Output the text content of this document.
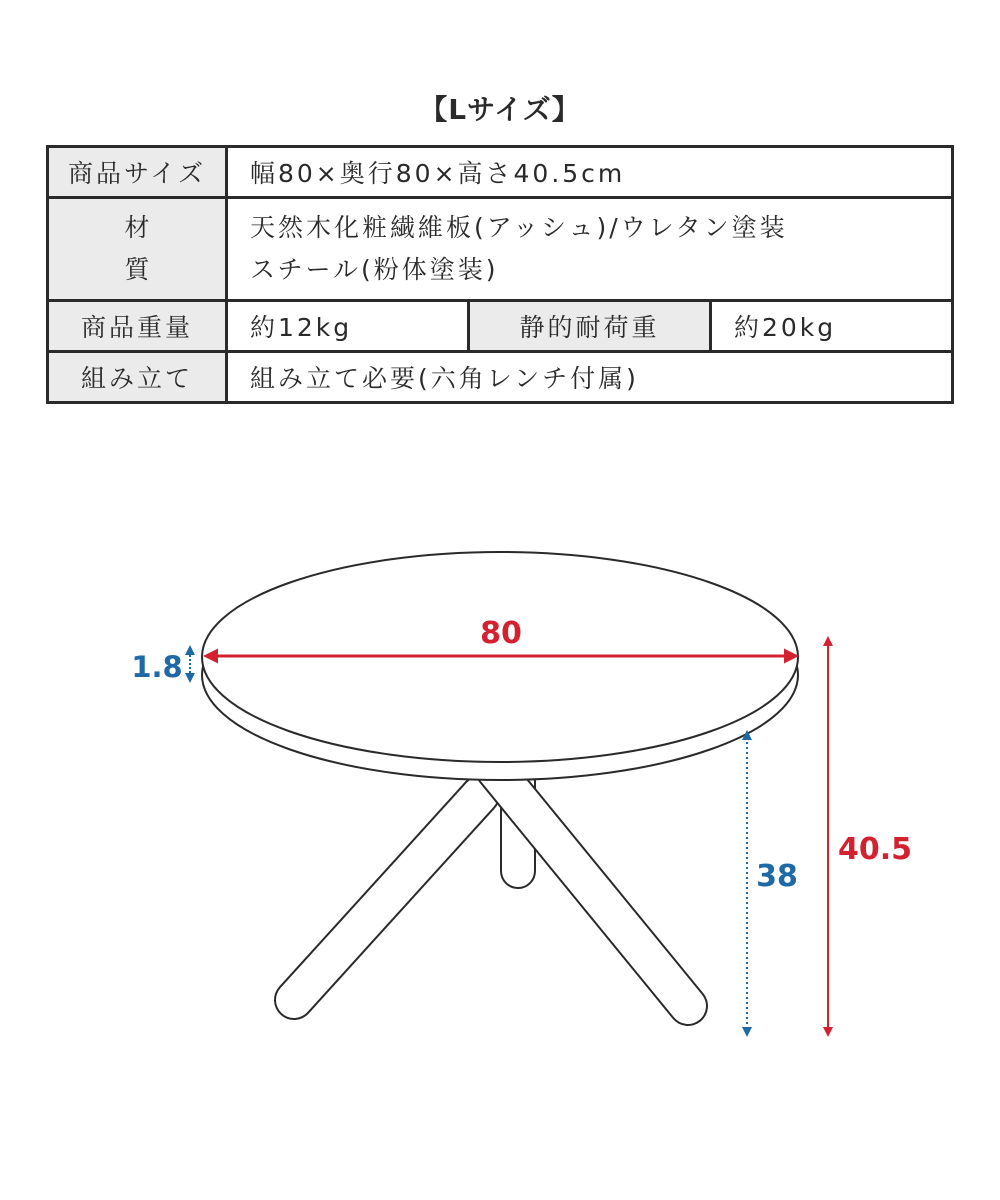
【Lサイズ】
商品サイズ	幅80×奥行80×高さ40.5cm		
材 質	天然木化粧繊維板(アッシュ)/ウレタン塗装
スチール(粉体塗装)		

商品重量	約12kg	静的耐荷重	約20kg
組み立て	組み立て必要(六角レンチ付属)		
80
1.8
38
40.5
